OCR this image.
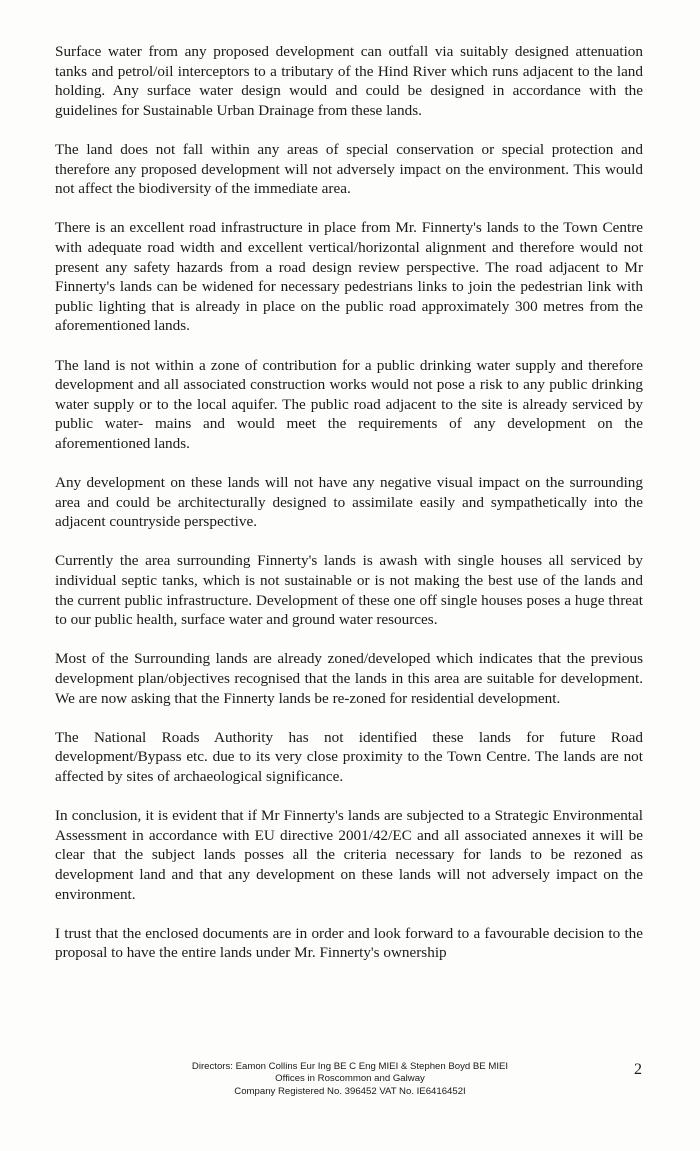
Surface water from any proposed development can outfall via suitably designed attenuation tanks and petrol/oil interceptors to a tributary of the Hind River which runs adjacent to the land holding. Any surface water design would and could be designed in accordance with the guidelines for Sustainable Urban Drainage from these lands.

The land does not fall within any areas of special conservation or special protection and therefore any proposed development will not adversely impact on the environment. This would not affect the biodiversity of the immediate area.

There is an excellent road infrastructure in place from Mr. Finnerty's lands to the Town Centre with adequate road width and excellent vertical/horizontal alignment and therefore would not present any safety hazards from a road design review perspective. The road adjacent to Mr Finnerty's lands can be widened for necessary pedestrians links to join the pedestrian link with public lighting that is already in place on the public road approximately 300 metres from the aforementioned lands.

The land is not within a zone of contribution for a public drinking water supply and therefore development and all associated construction works would not pose a risk to any public drinking water supply or to the local aquifer. The public road adjacent to the site is already serviced by public water- mains and would meet the requirements of any development on the aforementioned lands.

Any development on these lands will not have any negative visual impact on the surrounding area and could be architecturally designed to assimilate easily and sympathetically into the adjacent countryside perspective.

Currently the area surrounding Finnerty's lands is awash with single houses all serviced by individual septic tanks, which is not sustainable or is not making the best use of the lands and the current public infrastructure. Development of these one off single houses poses a huge threat to our public health, surface water and ground water resources.

Most of the Surrounding lands are already zoned/developed which indicates that the previous development plan/objectives recognised that the lands in this area are suitable for development. We are now asking that the Finnerty lands be re-zoned for residential development.

The National Roads Authority has not identified these lands for future Road development/Bypass etc. due to its very close proximity to the Town Centre. The lands are not affected by sites of archaeological significance.

In conclusion, it is evident that if Mr Finnerty's lands are subjected to a Strategic Environmental Assessment in accordance with EU directive 2001/42/EC and all associated annexes it will be clear that the subject lands posses all the criteria necessary for lands to be rezoned as development land and that any development on these lands will not adversely impact on the environment.

I trust that the enclosed documents are in order and look forward to a favourable decision to the proposal to have the entire lands under Mr. Finnerty's ownership

Directors: Eamon Collins Eur Ing BE C Eng MIEI & Stephen Boyd BE MIEI
Offices in Roscommon and Galway
Company Registered No. 396452 VAT No. IE6416452I
2
